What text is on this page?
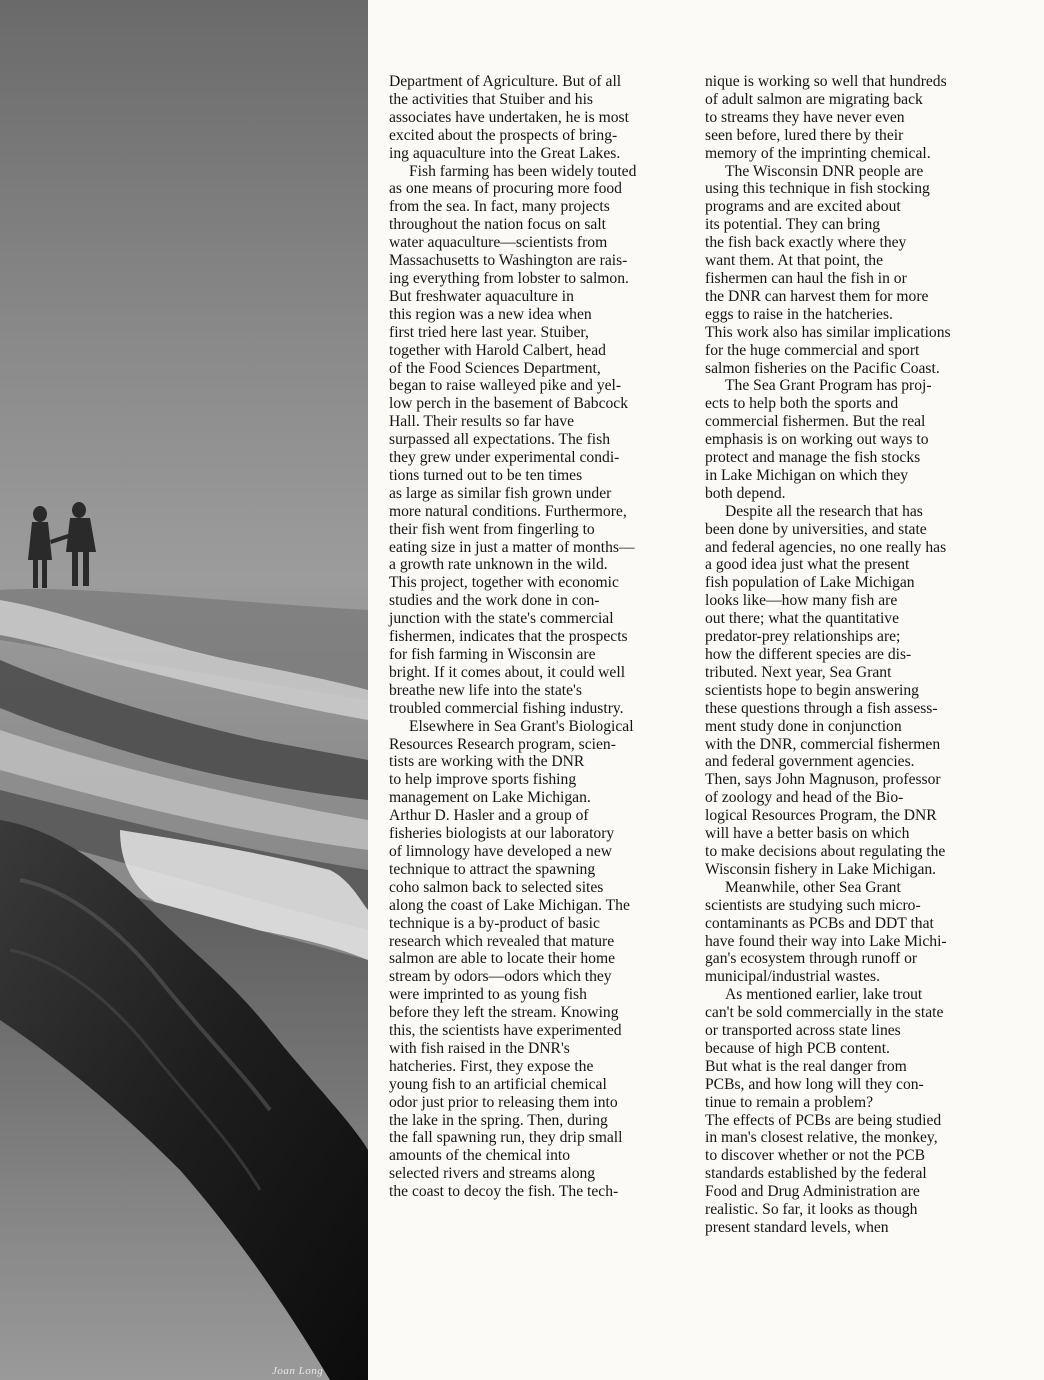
Joan Long

Department of Agriculture. But of all
the activities that Stuiber and his
associates have undertaken, he is most
excited about the prospects of bring-
ing aquaculture into the Great Lakes.

Fish farming has been widely touted
as one means of procuring more food
from the sea. In fact, many projects
throughout the nation focus on salt
water aquaculture—scientists from
Massachusetts to Washington are rais-
ing everything from lobster to salmon.
But freshwater aquaculture in
this region was a new idea when
first tried here last year. Stuiber,
together with Harold Calbert, head
of the Food Sciences Department,
began to raise walleyed pike and yel-
low perch in the basement of Babcock
Hall. Their results so far have
surpassed all expectations. The fish
they grew under experimental condi-
tions turned out to be ten times
as large as similar fish grown under
more natural conditions. Furthermore,
their fish went from fingerling to
eating size in just a matter of months—
a growth rate unknown in the wild.
This project, together with economic
studies and the work done in con-
junction with the state's commercial
fishermen, indicates that the prospects
for fish farming in Wisconsin are
bright. If it comes about, it could well
breathe new life into the state's
troubled commercial fishing industry.

Elsewhere in Sea Grant's Biological
Resources Research program, scien-
tists are working with the DNR
to help improve sports fishing
management on Lake Michigan.
Arthur D. Hasler and a group of
fisheries biologists at our laboratory
of limnology have developed a new
technique to attract the spawning
coho salmon back to selected sites
along the coast of Lake Michigan. The
technique is a by-product of basic
research which revealed that mature
salmon are able to locate their home
stream by odors—odors which they
were imprinted to as young fish
before they left the stream. Knowing
this, the scientists have experimented
with fish raised in the DNR's
hatcheries. First, they expose the
young fish to an artificial chemical
odor just prior to releasing them into
the lake in the spring. Then, during
the fall spawning run, they drip small
amounts of the chemical into
selected rivers and streams along
the coast to decoy the fish. The tech-

nique is working so well that hundreds
of adult salmon are migrating back
to streams they have never even
seen before, lured there by their
memory of the imprinting chemical.

The Wisconsin DNR people are
using this technique in fish stocking
programs and are excited about
its potential. They can bring
the fish back exactly where they
want them. At that point, the
fishermen can haul the fish in or
the DNR can harvest them for more
eggs to raise in the hatcheries.
This work also has similar implications
for the huge commercial and sport
salmon fisheries on the Pacific Coast.

The Sea Grant Program has proj-
ects to help both the sports and
commercial fishermen. But the real
emphasis is on working out ways to
protect and manage the fish stocks
in Lake Michigan on which they
both depend.

Despite all the research that has
been done by universities, and state
and federal agencies, no one really has
a good idea just what the present
fish population of Lake Michigan
looks like—how many fish are
out there; what the quantitative
predator-prey relationships are;
how the different species are dis-
tributed. Next year, Sea Grant
scientists hope to begin answering
these questions through a fish assess-
ment study done in conjunction
with the DNR, commercial fishermen
and federal government agencies.
Then, says John Magnuson, professor
of zoology and head of the Bio-
logical Resources Program, the DNR
will have a better basis on which
to make decisions about regulating the
Wisconsin fishery in Lake Michigan.

Meanwhile, other Sea Grant
scientists are studying such micro-
contaminants as PCBs and DDT that
have found their way into Lake Michi-
gan's ecosystem through runoff or
municipal/industrial wastes.

As mentioned earlier, lake trout
can't be sold commercially in the state
or transported across state lines
because of high PCB content.

But what is the real danger from
PCBs, and how long will they con-
tinue to remain a problem?

The effects of PCBs are being studied
in man's closest relative, the monkey,
to discover whether or not the PCB
standards established by the federal
Food and Drug Administration are
realistic. So far, it looks as though
present standard levels, when
